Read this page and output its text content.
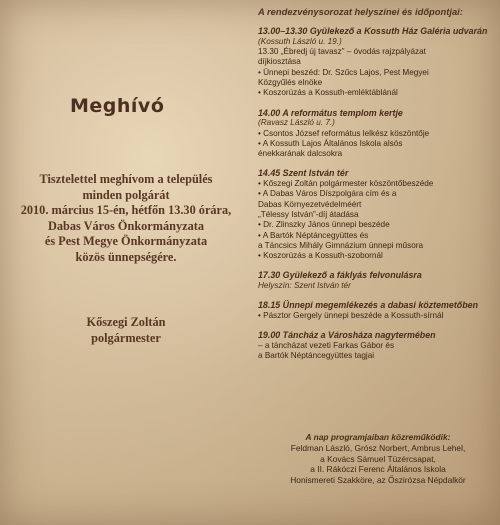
Meghívó
Tisztelettel meghívom a település
minden polgárát
2010. március 15-én, hétfőn 13.30 órára,
Dabas Város Önkormányzata
és Pest Megye Önkormányzata
közös ünnepségére.
Kőszegi Zoltán
polgármester
A rendezvénysorozat helyszínei és időpontjai:
13.00–13.30 Gyülekező a Kossuth Ház Galéria udvarán
(Kossuth László u. 19.)
13.30 „Ébredj új tavasz” – óvodás rajzpályázat
díjkiosztása
• Ünnepi beszéd: Dr. Szűcs Lajos, Pest Megyei
Közgyűlés elnöke
• Koszorúzás a Kossuth-emléktáblánál
14.00 A református templom kertje
(Ravasz László u. 7.)
• Csontos József református lelkész köszöntője
• A Kossuth Lajos Általános Iskola alsós
énekkarának dalcsokra
14.45 Szent István tér
• Kőszegi Zoltán polgármester köszöntőbeszéde
• A Dabas Város Díszpolgára cím és a
Dabas Környezetvédelméért
„Télessy István”-díj átadása
• Dr. Zlinszky János ünnepi beszéde
• A Bartók Néptáncegyüttes és
a Táncsics Mihály Gimnázium ünnepi műsora
• Koszorúzás a Kossuth-szobornál
17.30 Gyülekező a fáklyás felvonulásra
Helyszín: Szent István tér
18.15 Ünnepi megemlékezés a dabasi köztemetőben
• Pásztor Gergely ünnepi beszéde a Kossuth-sírnál
19.00 Táncház a Városháza nagytermében
– a táncházat vezeti Farkas Gábor és
a Bartók Néptáncegyüttes tagjai
A nap programjaiban közreműködik:
Feldman László, Grósz Norbert, Ambrus Lehel,
a Kovács Sámuel Tüzércsapat,
a II. Rákóczi Ferenc Általános Iskola
Honismereti Szakköre, az Őszirózsa Népdalkör
